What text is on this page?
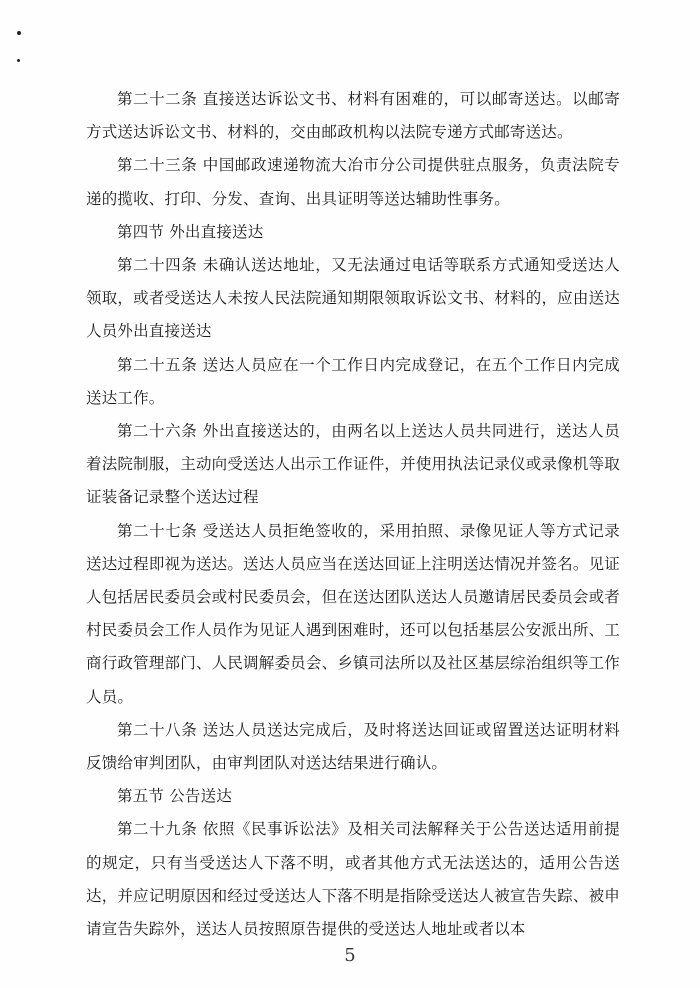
第二十二条 直接送达诉讼文书、材料有困难的，可以邮寄送达。以邮寄方式送达诉讼文书、材料的，交由邮政机构以法院专递方式邮寄送达。

第二十三条 中国邮政速递物流大冶市分公司提供驻点服务，负责法院专递的揽收、打印、分发、查询、出具证明等送达辅助性事务。

第四节 外出直接送达

第二十四条 未确认送达地址，又无法通过电话等联系方式通知受送达人领取，或者受送达人未按人民法院通知期限领取诉讼文书、材料的，应由送达人员外出直接送达

第二十五条 送达人员应在一个工作日内完成登记，在五个工作日内完成送达工作。

第二十六条 外出直接送达的，由两名以上送达人员共同进行，送达人员着法院制服，主动向受送达人出示工作证件，并使用执法记录仪或录像机等取证装备记录整个送达过程

第二十七条 受送达人员拒绝签收的，采用拍照、录像见证人等方式记录送达过程即视为送达。送达人员应当在送达回证上注明送达情况并签名。见证人包括居民委员会或村民委员会，但在送达团队送达人员邀请居民委员会或者村民委员会工作人员作为见证人遇到困难时，还可以包括基层公安派出所、工商行政管理部门、人民调解委员会、乡镇司法所以及社区基层综治组织等工作人员。

第二十八条 送达人员送达完成后，及时将送达回证或留置送达证明材料反馈给审判团队，由审判团队对送达结果进行确认。

第五节 公告送达

第二十九条 依照《民事诉讼法》及相关司法解释关于公告送达适用前提的规定，只有当受送达人下落不明，或者其他方式无法送达的，适用公告送达，并应记明原因和经过受送达人下落不明是指除受送达人被宣告失踪、被申请宣告失踪外，送达人员按照原告提供的受送达人地址或者以本

5
